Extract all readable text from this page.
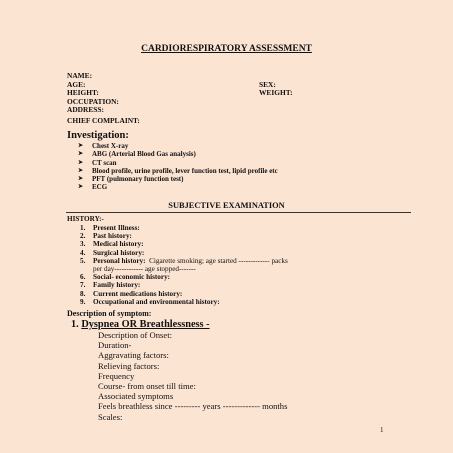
CARDIORESPIRATORY ASSESSMENT
NAME:
AGE:	SEX:
HEIGHT:	WEIGHT:
OCCUPATION:
ADDRESS:
CHIEF COMPLAINT:
Investigation:
➤	Chest X-ray
➤	ABG (Arterial Blood Gas analysis)
➤	CT scan
➤	Blood profile, urine profile, lever function test, lipid profile etc
➤	PFT (pulmonary function test)
➤	ECG
SUBJECTIVE EXAMINATION
HISTORY:-
1.	Present Illness:
2.	Past history:
3.	Medical history:
4.	Surgical history:
5.	Personal history: Cigarette smoking; age started ------------- packs
per day------------ age stopped-------
6.	Social- economic history:
7.	Family history:
8.	Current medications history:
9.	Occupational and environmental history:
Description of symptom:
1. Dyspnea OR Breathlessness -
Description of Onset:
Duration-
Aggravating factors:
Relieving factors:
Frequency
Course- from onset till time:
Associated symptoms
Feels breathless since --------- years ------------- months
Scales:
1
